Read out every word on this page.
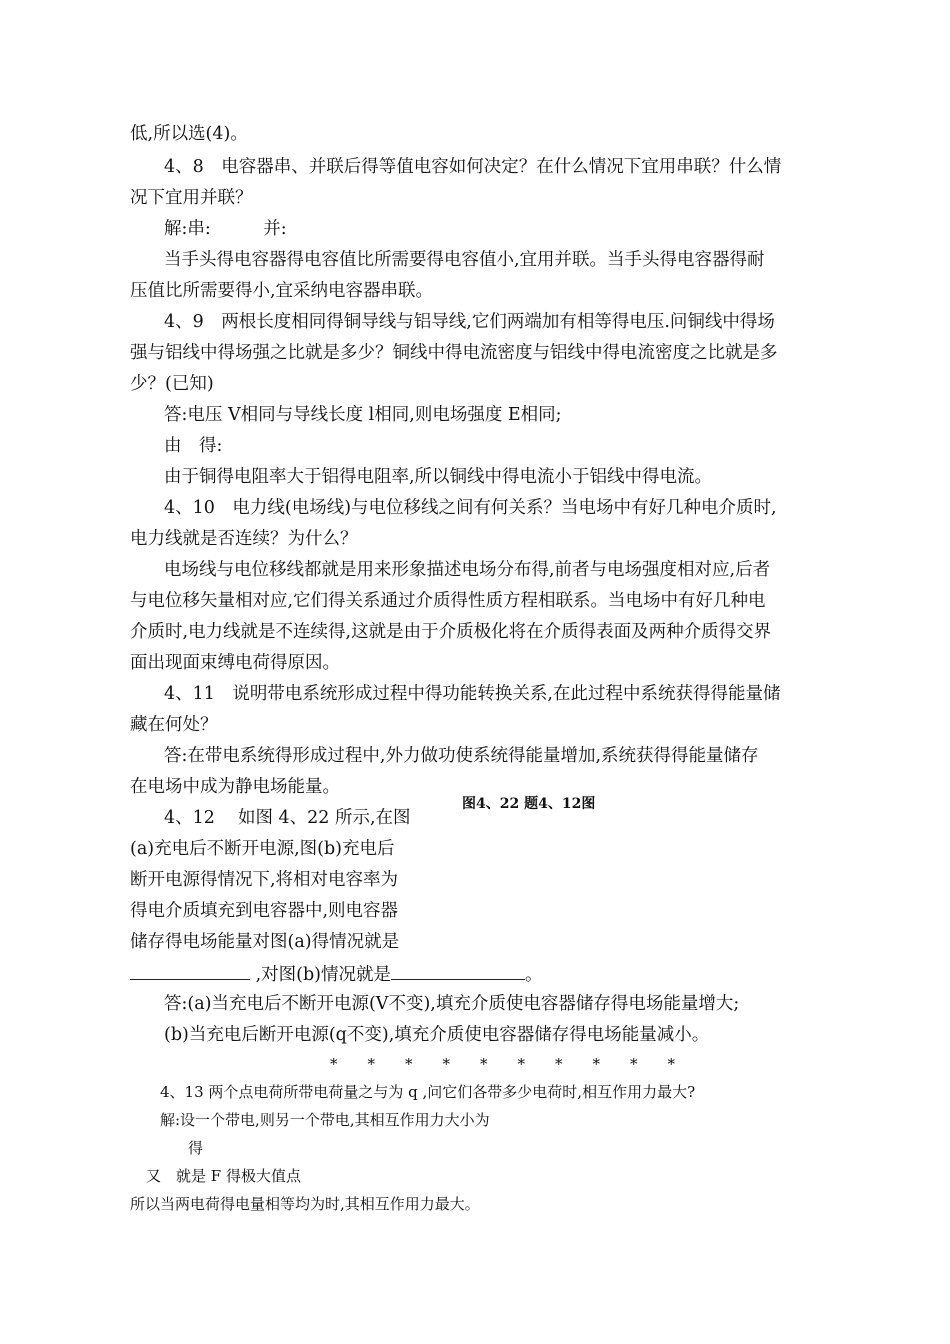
低,所以选(4)。
4、8　电容器串、并联后得等值电容如何决定？在什么情况下宜用串联？什么情
况下宜用并联？
解:串:　　　并:
当手头得电容器得电容值比所需要得电容值小,宜用并联。当手头得电容器得耐
压值比所需要得小,宜采纳电容器串联。
4、9　两根长度相同得铜导线与铝导线,它们两端加有相等得电压.问铜线中得场
强与铝线中得场强之比就是多少？铜线中得电流密度与铝线中得电流密度之比就是多
少？(已知)
答:电压 V相同与导线长度 l相同,则电场强度 E相同;
由　得:
由于铜得电阻率大于铝得电阻率,所以铜线中得电流小于铝线中得电流。
4、10　电力线(电场线)与电位移线之间有何关系？当电场中有好几种电介质时,
电力线就是否连续？为什么？
电场线与电位移线都就是用来形象描述电场分布得,前者与电场强度相对应,后者
与电位移矢量相对应,它们得关系通过介质得性质方程相联系。当电场中有好几种电
介质时,电力线就是不连续得,这就是由于介质极化将在介质得表面及两种介质得交界
面出现面束缚电荷得原因。
4、11　说明带电系统形成过程中得功能转换关系,在此过程中系统获得得能量储
藏在何处？
答:在带电系统得形成过程中,外力做功使系统得能量增加,系统获得得能量储存
在电场中成为静电场能量。
4、12　 如图 4、22 所示,在图
图4、22 题4、12图
(a)充电后不断开电源,图(b)充电后
断开电源得情况下,将相对电容率为
得电介质填充到电容器中,则电容器
储存得电场能量对图(a)得情况就是
,对图(b)情况就是	。
答:(a)当充电后不断开电源(V不变),填充介质使电容器储存得电场能量增大;
(b)当充电后断开电源(q不变),填充介质使电容器储存得电场能量减小。
*　　*　　*　　*　　*　　*　　*　　*　　*　　*
4、13 两个点电荷所带电荷量之与为 q ,问它们各带多少电荷时,相互作用力最大?
解:设一个带电,则另一个带电,其相互作用力大小为
得
又　就是 F 得极大值点
所以当两电荷得电量相等均为时,其相互作用力最大。
